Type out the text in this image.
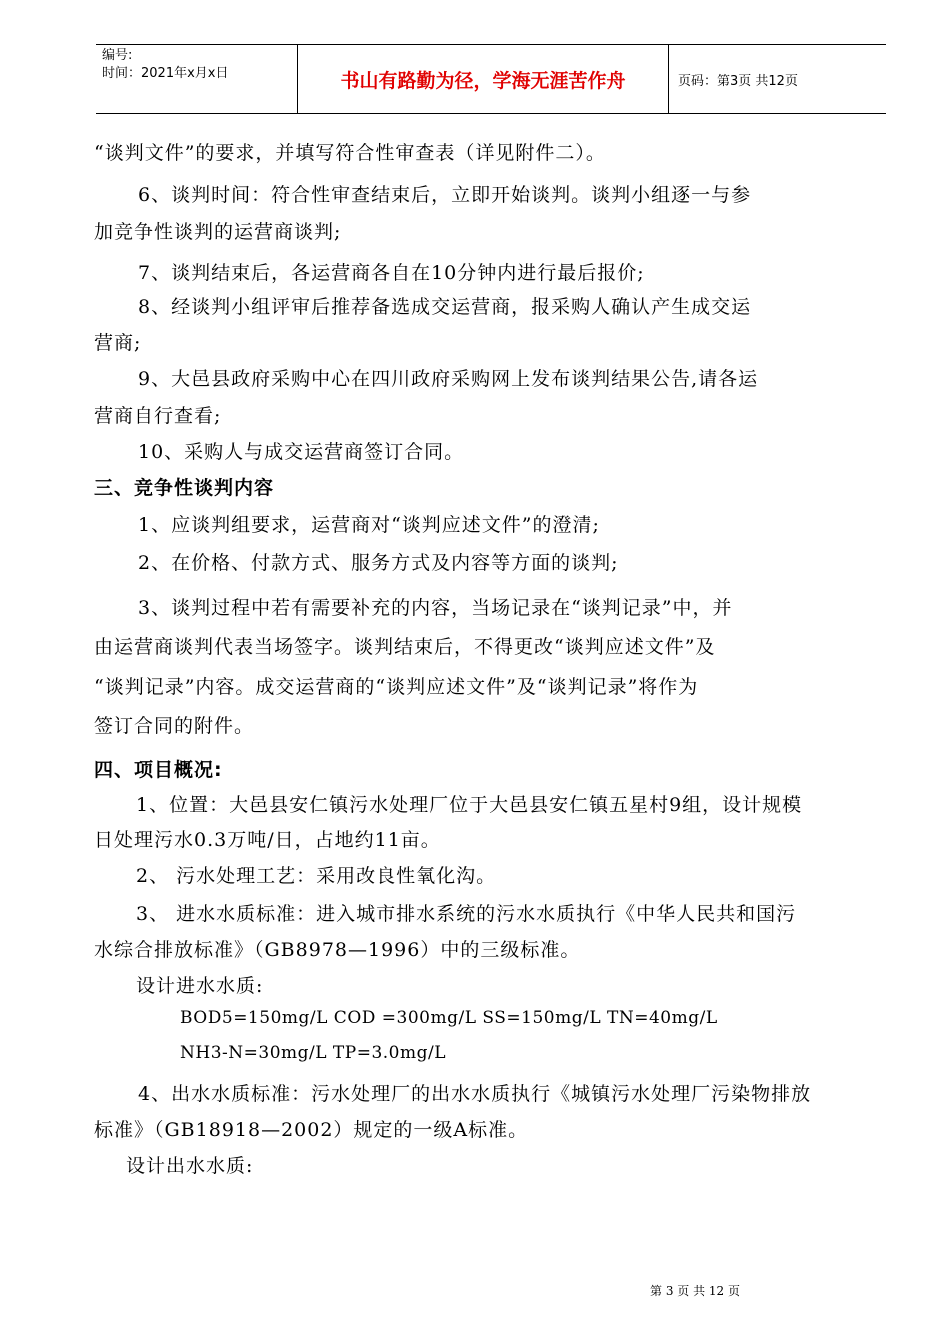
编号:
时间：2021年x月x日	书山有路勤为径，学海无涯苦作舟	页码：第3页 共12页
“谈判文件”的要求，并填写符合性审查表（详见附件二）。
6、谈判时间：符合性审查结束后，立即开始谈判。谈判小组逐一与参
加竞争性谈判的运营商谈判;
7、谈判结束后，各运营商各自在10分钟内进行最后报价;
8、经谈判小组评审后推荐备选成交运营商，报采购人确认产生成交运
营商;
9、大邑县政府采购中心在四川政府采购网上发布谈判结果公告,请各运
营商自行查看;
10、采购人与成交运营商签订合同。
三、竞争性谈判内容
1、应谈判组要求，运营商对“谈判应述文件”的澄清;
2、在价格、付款方式、服务方式及内容等方面的谈判;
3、谈判过程中若有需要补充的内容，当场记录在“谈判记录”中，并
由运营商谈判代表当场签字。谈判结束后，不得更改“谈判应述文件”及
“谈判记录”内容。成交运营商的“谈判应述文件”及“谈判记录”将作为
签订合同的附件。
四、项目概况:
1、位置：大邑县安仁镇污水处理厂位于大邑县安仁镇五星村9组，设计规模
日处理污水0.3万吨/日，占地约11亩。
2、 污水处理工艺：采用改良性氧化沟。
3、 进水水质标准：进入城市排水系统的污水水质执行《中华人民共和国污
水综合排放标准》（GB8978—1996）中的三级标准。
设计进水水质:
BOD5=150mg/L COD =300mg/L SS=150mg/L TN=40mg/L
NH3-N=30mg/L TP=3.0mg/L
4、出水水质标准：污水处理厂的出水水质执行《城镇污水处理厂污染物排放
标准》（GB18918—2002）规定的一级A标准。
设计出水水质:
第 3 页 共 12 页
